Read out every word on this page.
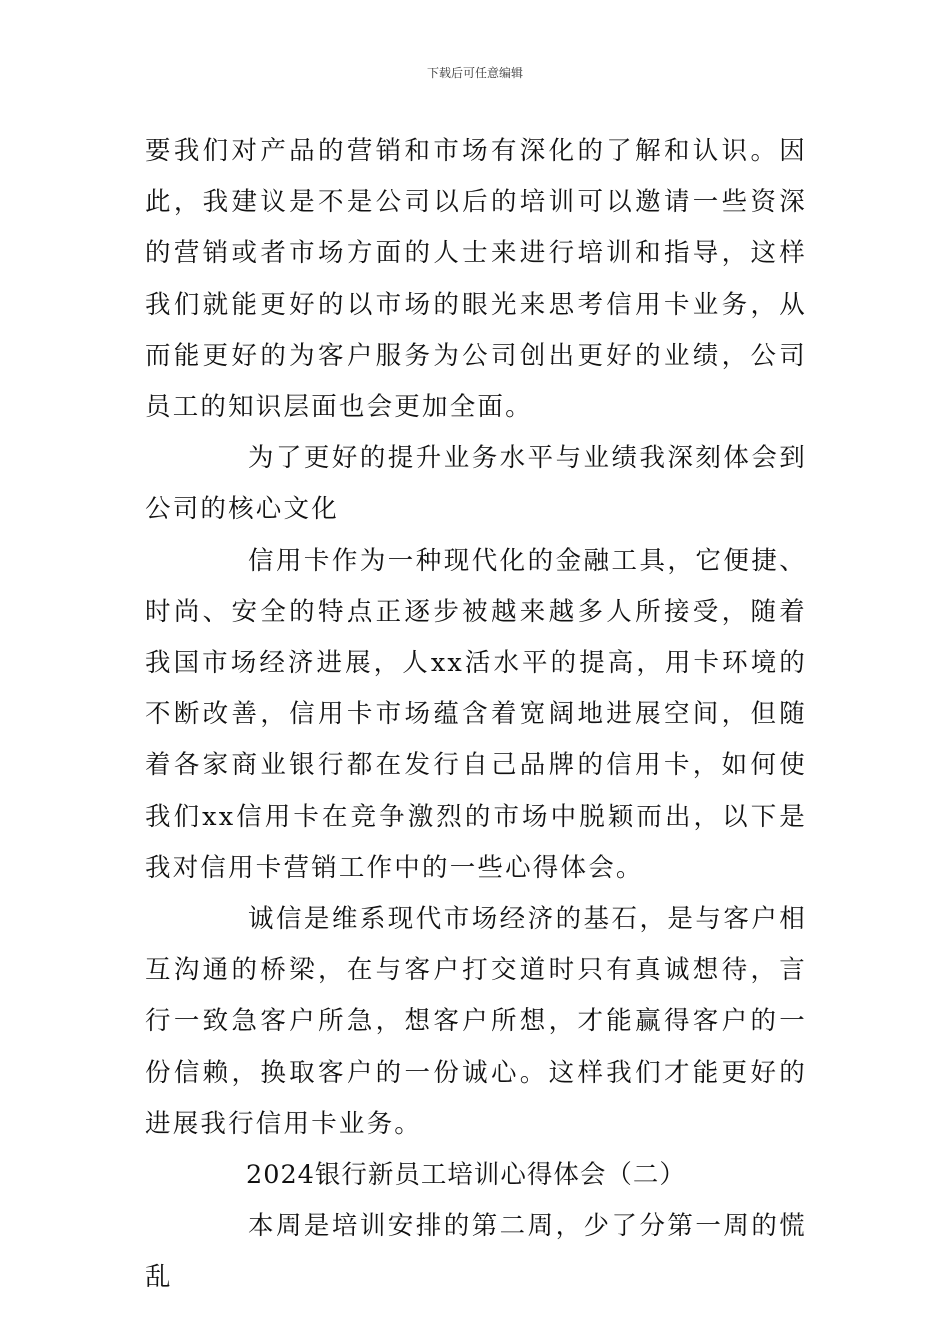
下载后可任意编辑

要我们对产品的营销和市场有深化的了解和认识。因此，我建议是不是公司以后的培训可以邀请一些资深的营销或者市场方面的人士来进行培训和指导，这样我们就能更好的以市场的眼光来思考信用卡业务，从而能更好的为客户服务为公司创出更好的业绩，公司员工的知识层面也会更加全面。

为了更好的提升业务水平与业绩我深刻体会到公司的核心文化

信用卡作为一种现代化的金融工具，它便捷、时尚、安全的特点正逐步被越来越多人所接受，随着我国市场经济进展，人xx活水平的提高，用卡环境的不断改善，信用卡市场蕴含着宽阔地进展空间，但随着各家商业银行都在发行自己品牌的信用卡，如何使我们xx信用卡在竞争激烈的市场中脱颖而出，以下是我对信用卡营销工作中的一些心得体会。

诚信是维系现代市场经济的基石，是与客户相互沟通的桥梁，在与客户打交道时只有真诚想待，言行一致急客户所急，想客户所想，才能赢得客户的一份信赖，换取客户的一份诚心。这样我们才能更好的进展我行信用卡业务。

2024银行新员工培训心得体会（二）

本周是培训安排的第二周，少了分第一周的慌乱
